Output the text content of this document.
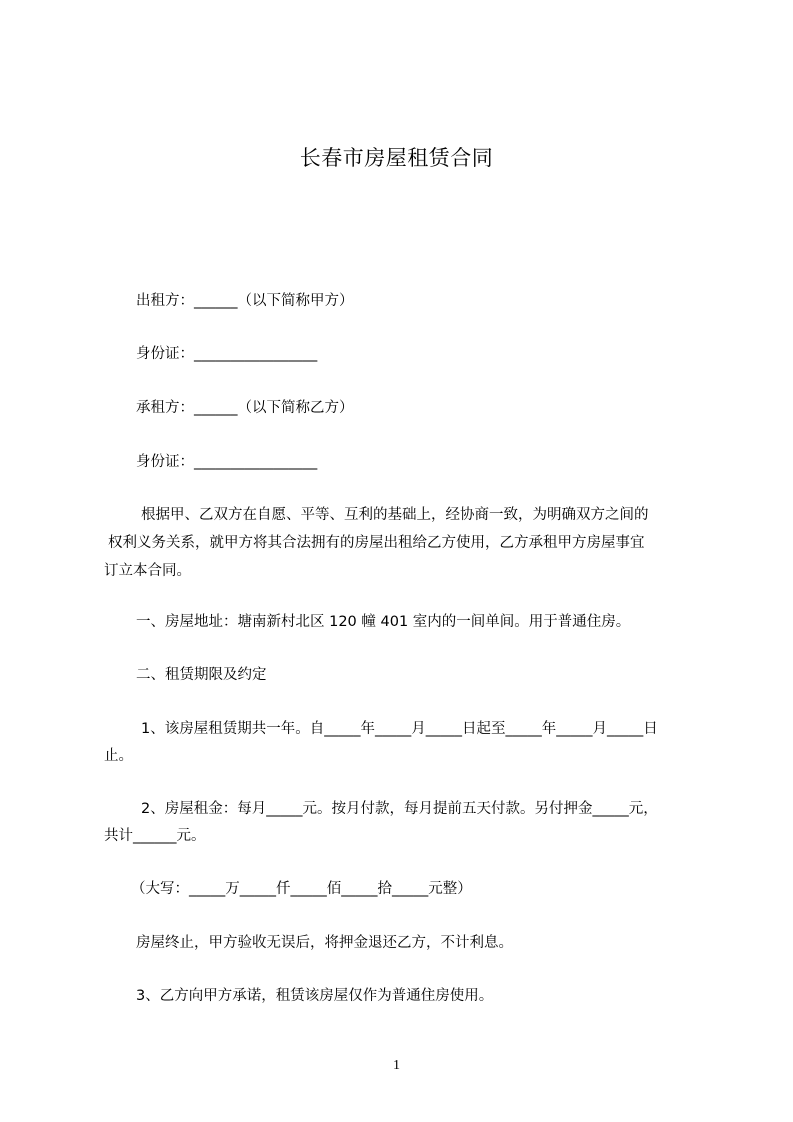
长春市房屋租赁合同
出租方：______（以下简称甲方）
身份证：_________________
承租方：______（以下简称乙方）
身份证：_________________
根据甲、乙双方在自愿、平等、互利的基础上，经协商一致，为明确双方之间的
权利义务关系，就甲方将其合法拥有的房屋出租给乙方使用，乙方承租甲方房屋事宜
订立本合同。
一、房屋地址：塘南新村北区 120 幢 401 室内的一间单间。用于普通住房。
二、租赁期限及约定
1、该房屋租赁期共一年。自_____年_____月_____日起至_____年_____月_____日
止。
2、房屋租金：每月_____元。按月付款，每月提前五天付款。另付押金_____元，
共计______元。
（大写：_____万_____仟_____佰_____拾_____元整）
房屋终止，甲方验收无误后，将押金退还乙方，不计利息。
3、乙方向甲方承诺，租赁该房屋仅作为普通住房使用。
1
